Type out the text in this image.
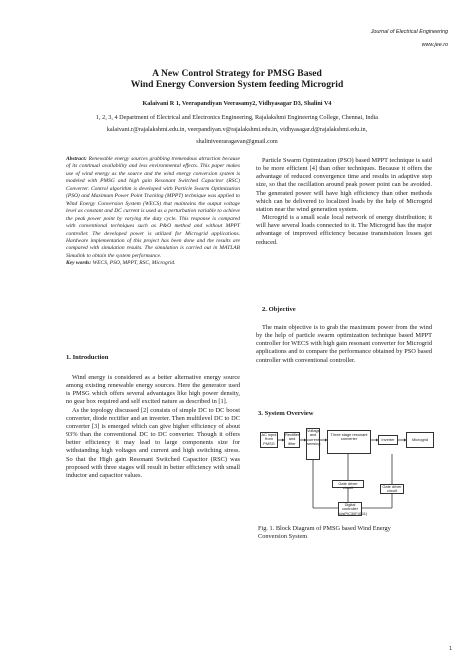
Journal of Electrical Engineering
www.jee.ro
A New Control Strategy for PMSG Based
Wind Energy Conversion System feeding Microgrid
Kalaivani R 1, Veerapandiyan Veerasamy2, Vidhyasagar D3, Shalini V4
1, 2, 3, 4 Department of Electrical and Electronics Engineering, Rajalakshmi Engineering College, Chennai, India
kalaivani.r@rajalakshmi.edu.in, veerpandiyan.v@rajalakshmi.edu.in, vidhyasagar.d@rajalakshmi.edu.in,
shaliniveeraragavan@gmail.com
Abstract: Renewable energy sources grabbing tremendous attraction because of its continual availability and less environmental effects. This paper makes use of wind energy as the source and the wind energy conversion system is modeled with PMSG and high gain Resonant Switched Capacitor (RSC) Converter. Control algorithm is developed with Particle Swarm Optimization (PSO) and Maximum Power Point Tracking (MPPT) technique was applied to Wind Energy Conversion System (WECS) that maintains the output voltage level as constant and DC current is used as a perturbation variable to achieve the peak power point by varying the duty cycle. This response is compared with conventional techniques such as P&O method and without MPPT controller. The developed power is utilized for Microgrid applications. Hardware implementation of this project has been done and the results are compared with simulation results. The simulation is carried out in MATLAB Simulink to obtain the system performance.
Key words: WECS, PSO, MPPT, RSC, Microgrid.
1. Introduction

Wind energy is considered as a better alternative energy source among existing renewable energy sources. Here the generator used is PMSG which offers several advantages like high power density, no gear box required and self excited nature as described in [1].

As the topology discussed [2] consists of simple DC to DC boost converter, diode rectifier and an inverter. Then multilevel DC to DC converter [3] is emerged which can give higher efficiency of about 93% than the conventional DC to DC converter. Though it offers better efficiency it may lead to large components size for withstanding high voltages and current and high switching stress. So that the High gain Resonant Switched Capacitor (RSC) was proposed with three stages will result in better efficiency with small inductor and capacitor values.

Particle Swarm Optimization (PSO) based MPPT technique is said to be more efficient [4] than other techniques. Because it offers the advantage of reduced convergence time and results in adaptive step size, so that the oscillation around peak power point can be avoided. The generated power will have high efficiency than other methods which can be delivered to localized loads by the help of Microgrid station near the wind generation system.

Microgrid is a small scale local network of energy distribution; it will have several loads connected to it. The Microgrid has the major advantage of improved efficiency because transmission losses get reduced.

2. Objective

The main objective is to grab the maximum power from the wind by the help of particle swarm optimization technique based MPPT controller for WECS with high gain resonant converter for Microgrid applications and to compare the performance obtained by PSO based controller with conventional controller.

3. System Overview
AC input from PMSG
Rectifier and filter
Voltage and current sensing
Three stage resonant converter	Inverter	Microgrid
Gate driver circuit	Gate driver circuit
Digital controller (dsPIC30F4011)
Fig. 1. Block Diagram of PMSG based Wind Energy
Conversion System
1
